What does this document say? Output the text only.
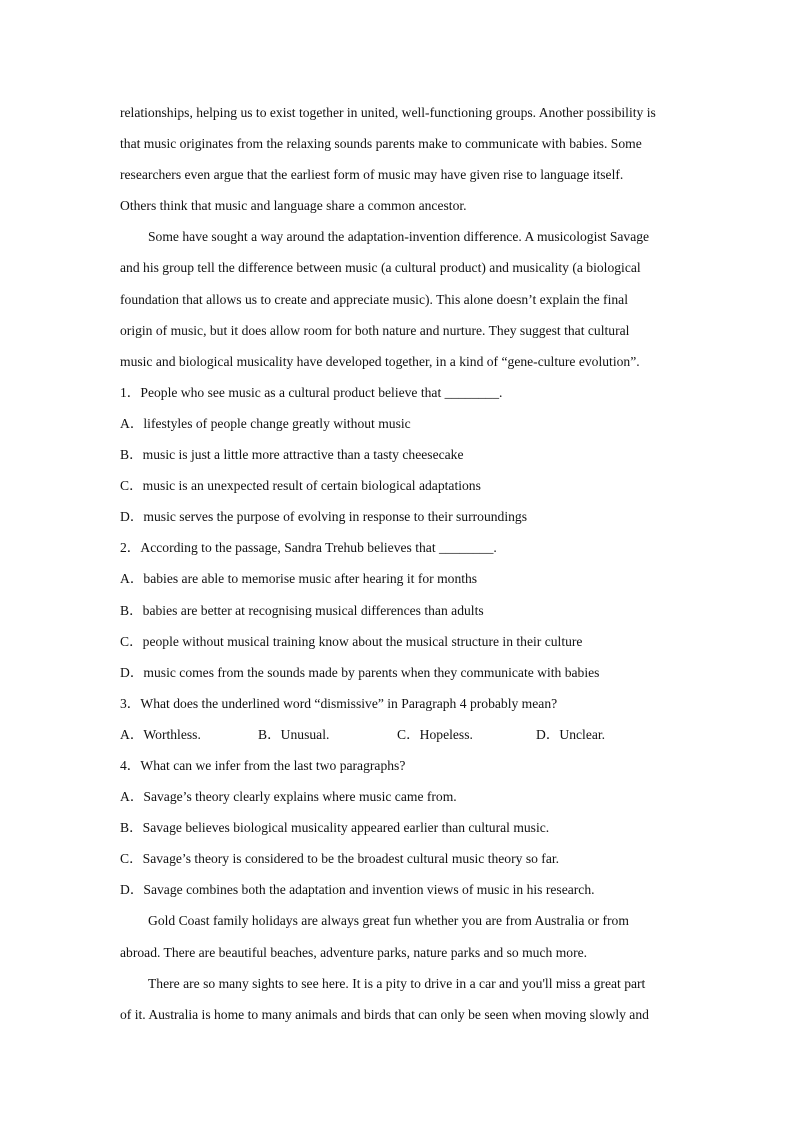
relationships, helping us to exist together in united, well-functioning groups. Another possibility is
that music originates from the relaxing sounds parents make to communicate with babies. Some
researchers even argue that the earliest form of music may have given rise to language itself.
Others think that music and language share a common ancestor.
Some have sought a way around the adaptation-invention difference. A musicologist Savage
and his group tell the difference between music (a cultural product) and musicality (a biological
foundation that allows us to create and appreciate music). This alone doesn’t explain the final
origin of music, but it does allow room for both nature and nurture. They suggest that cultural
music and biological musicality have developed together, in a kind of “gene-culture evolution”.
1．People who see music as a cultural product believe that ________.
A．lifestyles of people change greatly without music
B．music is just a little more attractive than a tasty cheesecake
C．music is an unexpected result of certain biological adaptations
D．music serves the purpose of evolving in response to their surroundings
2．According to the passage, Sandra Trehub believes that ________.
A．babies are able to memorise music after hearing it for months
B．babies are better at recognising musical differences than adults
C．people without musical training know about the musical structure in their culture
D．music comes from the sounds made by parents when they communicate with babies
3．What does the underlined word “dismissive” in Paragraph 4 probably mean?
A．Worthless.	B．Unusual.	C．Hopeless.	D．Unclear.
4．What can we infer from the last two paragraphs?
A．Savage’s theory clearly explains where music came from.
B．Savage believes biological musicality appeared earlier than cultural music.
C．Savage’s theory is considered to be the broadest cultural music theory so far.
D．Savage combines both the adaptation and invention views of music in his research.
Gold Coast family holidays are always great fun whether you are from Australia or from
abroad. There are beautiful beaches, adventure parks, nature parks and so much more.
There are so many sights to see here. It is a pity to drive in a car and you'll miss a great part
of it. Australia is home to many animals and birds that can only be seen when moving slowly and
